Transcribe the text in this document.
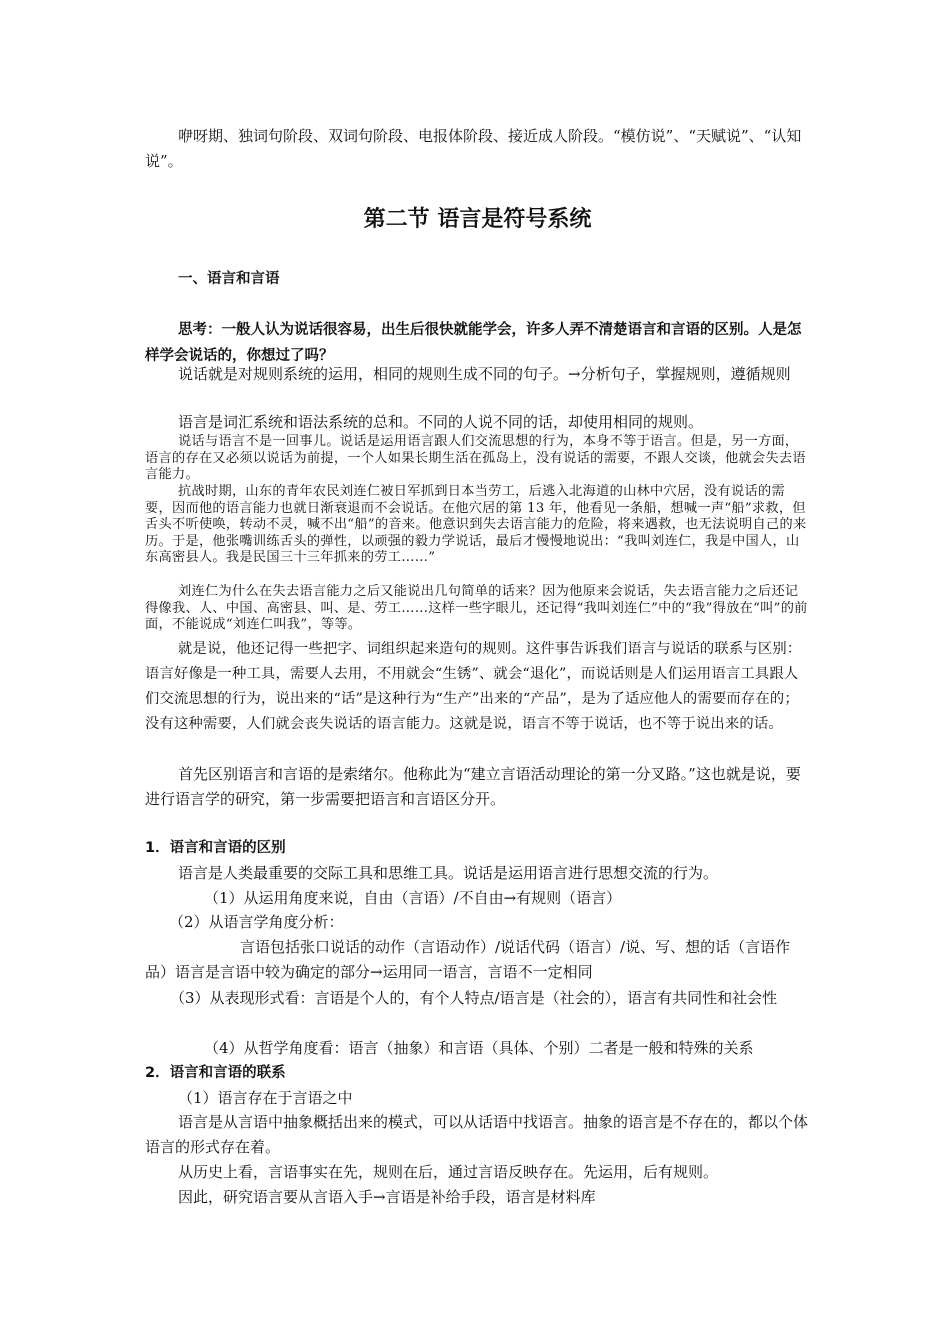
咿呀期、独词句阶段、双词句阶段、电报体阶段、接近成人阶段。“模仿说”、“天赋说”、“认知说”。

第二节 语言是符号系统

一、语言和言语

思考：一般人认为说话很容易，出生后很快就能学会，许多人弄不清楚语言和言语的区别。人是怎样学会说话的，你想过了吗？

说话就是对规则系统的运用，相同的规则生成不同的句子。→分析句子，掌握规则，遵循规则

语言是词汇系统和语法系统的总和。不同的人说不同的话，却使用相同的规则。

说话与语言不是一回事儿。说话是运用语言跟人们交流思想的行为，本身不等于语言。但是，另一方面，语言的存在又必须以说话为前提，一个人如果长期生活在孤岛上，没有说话的需要，不跟人交谈，他就会失去语言能力。

抗战时期，山东的青年农民刘连仁被日军抓到日本当劳工，后逃入北海道的山林中穴居，没有说话的需要，因而他的语言能力也就日渐衰退而不会说话。在他穴居的第 13 年，他看见一条船，想喊一声“船”求救，但舌头不听使唤，转动不灵，喊不出“船”的音来。他意识到失去语言能力的危险，将来遇救，也无法说明自己的来历。于是，他张嘴训练舌头的弹性，以顽强的毅力学说话，最后才慢慢地说出：“我叫刘连仁，我是中国人，山东高密县人。我是民国三十三年抓来的劳工……”

刘连仁为什么在失去语言能力之后又能说出几句简单的话来？因为他原来会说话，失去语言能力之后还记得像我、人、中国、高密县、叫、是、劳工……这样一些字眼儿，还记得“我叫刘连仁”中的“我”得放在“叫”的前面，不能说成“刘连仁叫我”，等等。

就是说，他还记得一些把字、词组织起来造句的规则。这件事告诉我们语言与说话的联系与区别：语言好像是一种工具，需要人去用，不用就会“生锈”、就会“退化”，而说话则是人们运用语言工具跟人们交流思想的行为，说出来的“话”是这种行为“生产”出来的“产品”，是为了适应他人的需要而存在的；没有这种需要，人们就会丧失说话的语言能力。这就是说，语言不等于说话，也不等于说出来的话。

首先区别语言和言语的是索绪尔。他称此为“建立言语活动理论的第一分叉路。”这也就是说，要进行语言学的研究，第一步需要把语言和言语区分开。

1．语言和言语的区别

语言是人类最重要的交际工具和思维工具。说话是运用语言进行思想交流的行为。

（1）从运用角度来说，自由（言语）/不自由→有规则（语言）

（2）从语言学角度分析：

言语包括张口说话的动作（言语动作）/说话代码（语言）/说、写、想的话（言语作品）语言是言语中较为确定的部分→运用同一语言，言语不一定相同

（3）从表现形式看：言语是个人的，有个人特点/语言是（社会的），语言有共同性和社会性

（4）从哲学角度看：语言（抽象）和言语（具体、个别）二者是一般和特殊的关系

2．语言和言语的联系

（1）语言存在于言语之中

语言是从言语中抽象概括出来的模式，可以从话语中找语言。抽象的语言是不存在的，都以个体语言的形式存在着。

从历史上看，言语事实在先，规则在后，通过言语反映存在。先运用，后有规则。

因此，研究语言要从言语入手→言语是补给手段，语言是材料库
